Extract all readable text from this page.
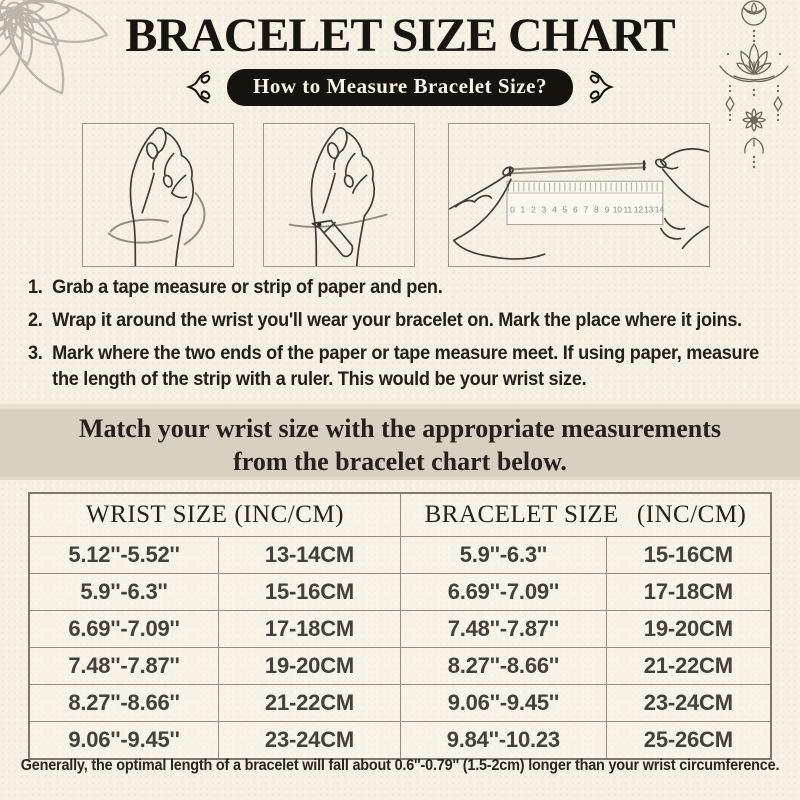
BRACELET SIZE CHART
How to Measure Bracelet Size?
0 1 2 3 4 5 6 7 8 9 10 11 12 13 14
1. Grab a tape measure or strip of paper and pen.
2. Wrap it around the wrist you'll wear your bracelet on. Mark the place where it joins.
3. Mark where the two ends of the paper or tape measure meet. If using paper, measure the length of the strip with a ruler. This would be your wrist size.
Match your wrist size with the appropriate measurements
from the bracelet chart below.
WRIST SIZE (INC/CM)	BRACELET SIZE (INC/CM)
5.12''-5.52''	13-14CM	5.9''-6.3''	15-16CM
5.9''-6.3''	15-16CM	6.69''-7.09''	17-18CM
6.69''-7.09''	17-18CM	7.48''-7.87''	19-20CM
7.48''-7.87''	19-20CM	8.27''-8.66''	21-22CM
8.27''-8.66''	21-22CM	9.06''-9.45''	23-24CM
9.06''-9.45''	23-24CM	9.84''-10.23	25-26CM
Generally, the optimal length of a bracelet will fall about 0.6''-0.79'' (1.5-2cm) longer than your wrist circumference.
